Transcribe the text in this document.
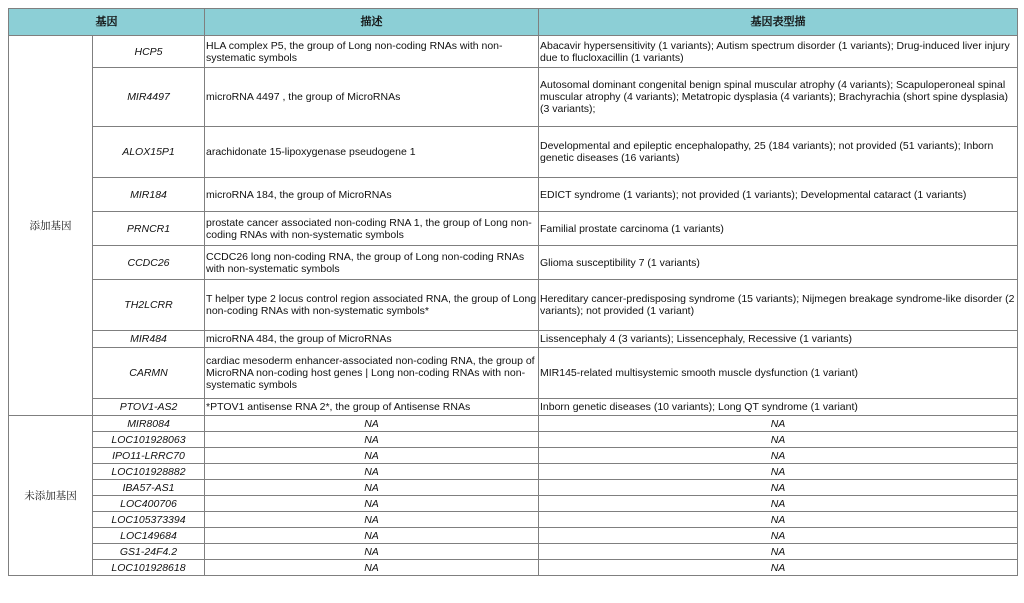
基因		描述	基因表型描
添加基因	HCP5	HLA complex P5, the group of Long non-coding RNAs with non-systematic symbols	Abacavir hypersensitivity (1 variants); Autism spectrum disorder (1 variants); Drug-induced liver injury due to flucloxacillin (1 variants)
	MIR4497	microRNA 4497 , the group of MicroRNAs	Autosomal dominant congenital benign spinal muscular atrophy (4 variants); Scapuloperoneal spinal muscular atrophy (4 variants); Metatropic dysplasia (4 variants); Brachyrachia (short spine dysplasia) (3 variants);
	ALOX15P1	arachidonate 15-lipoxygenase pseudogene 1	Developmental and epileptic encephalopathy, 25 (184 variants); not provided (51 variants); Inborn genetic diseases (16 variants)
	MIR184	microRNA 184, the group of MicroRNAs	EDICT syndrome (1 variants); not provided (1 variants); Developmental cataract (1 variants)
	PRNCR1	prostate cancer associated non-coding RNA 1, the group of Long non-coding RNAs with non-systematic symbols	Familial prostate carcinoma (1 variants)
	CCDC26	CCDC26 long non-coding RNA, the group of Long non-coding RNAs with non-systematic symbols	Glioma susceptibility 7 (1 variants)
	TH2LCRR	T helper type 2 locus control region associated RNA, the group of Long non-coding RNAs with non-systematic symbols*	Hereditary cancer-predisposing syndrome (15 variants); Nijmegen breakage syndrome-like disorder (2 variants); not provided (1 variant)
	MIR484	microRNA 484, the group of MicroRNAs	Lissencephaly 4 (3 variants); Lissencephaly, Recessive (1 variants)
	CARMN	cardiac mesoderm enhancer-associated non-coding RNA, the group of MicroRNA non-coding host genes | Long non-coding RNAs with non-systematic symbols	MIR145-related multisystemic smooth muscle dysfunction (1 variant)
	PTOV1-AS2	*PTOV1 antisense RNA 2*, the group of Antisense RNAs	Inborn genetic diseases (10 variants); Long QT syndrome (1 variant)
未添加基因	MIR8084	NA	NA
	LOC101928063	NA	NA
	IPO11-LRRC70	NA	NA
	LOC101928882	NA	NA
	IBA57-AS1	NA	NA
	LOC400706	NA	NA
	LOC105373394	NA	NA
	LOC149684	NA	NA
	GS1-24F4.2	NA	NA
	LOC101928618	NA	NA
